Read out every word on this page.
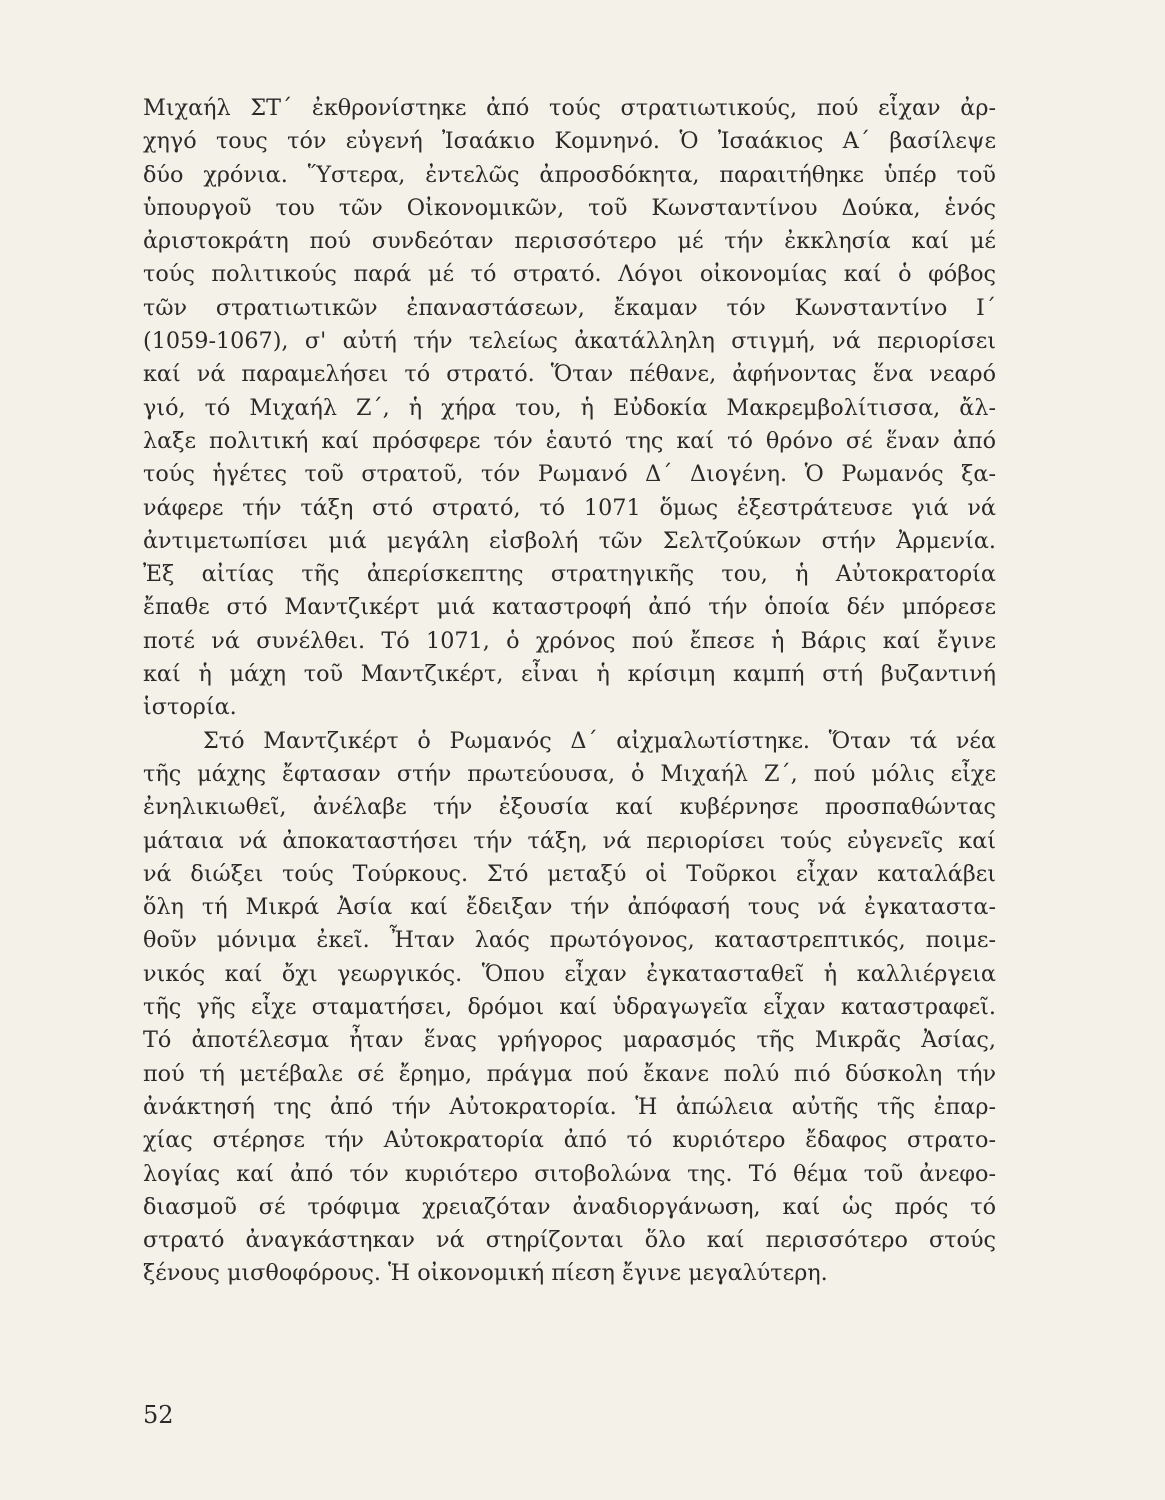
Μιχαήλ ΣΤ΄ ἐκθρονίστηκε ἀπό τούς στρατιωτικούς, πού εἶχαν ἀρ-
χηγό τους τόν εὐγενή Ἰσαάκιο Κομνηνό. Ὁ Ἰσαάκιος Α΄ βασίλεψε
δύο χρόνια. Ὕστερα, ἐντελῶς ἀπροσδόκητα, παραιτήθηκε ὑπέρ τοῦ
ὑπουργοῦ του τῶν Οἰκονομικῶν, τοῦ Κωνσταντίνου Δούκα, ἑνός
ἀριστοκράτη πού συνδεόταν περισσότερο μέ τήν ἐκκλησία καί μέ
τούς πολιτικούς παρά μέ τό στρατό. Λόγοι οἰκονομίας καί ὁ φόβος
τῶν στρατιωτικῶν ἐπαναστάσεων, ἔκαμαν τόν Κωνσταντίνο Ι΄
(1059-1067), σ' αὐτή τήν τελείως ἀκατάλληλη στιγμή, νά περιορίσει
καί νά παραμελήσει τό στρατό. Ὅταν πέθανε, ἀφήνοντας ἕνα νεαρό
γιό, τό Μιχαήλ Ζ΄, ἡ χήρα του, ἡ Εὐδοκία Μακρεμβολίτισσα, ἄλ-
λαξε πολιτική καί πρόσφερε τόν ἑαυτό της καί τό θρόνο σέ ἕναν ἀπό
τούς ἡγέτες τοῦ στρατοῦ, τόν Ρωμανό Δ΄ Διογένη. Ὁ Ρωμανός ξα-
νάφερε τήν τάξη στό στρατό, τό 1071 ὅμως ἐξεστράτευσε γιά νά
ἀντιμετωπίσει μιά μεγάλη εἰσβολή τῶν Σελτζούκων στήν Ἀρμενία.
Ἐξ αἰτίας τῆς ἀπερίσκεπτης στρατηγικῆς του, ἡ Αὐτοκρατορία
ἔπαθε στό Μαντζικέρτ μιά καταστροφή ἀπό τήν ὁποία δέν μπόρεσε
ποτέ νά συνέλθει. Τό 1071, ὁ χρόνος πού ἔπεσε ἡ Βάρις καί ἔγινε
καί ἡ μάχη τοῦ Μαντζικέρτ, εἶναι ἡ κρίσιμη καμπή στή βυζαντινή
ἱστορία.
Στό Μαντζικέρτ ὁ Ρωμανός Δ΄ αἰχμαλωτίστηκε. Ὅταν τά νέα
τῆς μάχης ἔφτασαν στήν πρωτεύουσα, ὁ Μιχαήλ Ζ΄, πού μόλις εἶχε
ἐνηλικιωθεῖ, ἀνέλαβε τήν ἐξουσία καί κυβέρνησε προσπαθώντας
μάταια νά ἀποκαταστήσει τήν τάξη, νά περιορίσει τούς εὐγενεῖς καί
νά διώξει τούς Τούρκους. Στό μεταξύ οἱ Τοῦρκοι εἶχαν καταλάβει
ὅλη τή Μικρά Ἀσία καί ἔδειξαν τήν ἀπόφασή τους νά ἐγκαταστα-
θοῦν μόνιμα ἐκεῖ. Ἦταν λαός πρωτόγονος, καταστρεπτικός, ποιμε-
νικός καί ὄχι γεωργικός. Ὅπου εἶχαν ἐγκατασταθεῖ ἡ καλλιέργεια
τῆς γῆς εἶχε σταματήσει, δρόμοι καί ὑδραγωγεῖα εἶχαν καταστραφεῖ.
Τό ἀποτέλεσμα ἦταν ἕνας γρήγορος μαρασμός τῆς Μικρᾶς Ἀσίας,
πού τή μετέβαλε σέ ἔρημο, πράγμα πού ἔκανε πολύ πιό δύσκολη τήν
ἀνάκτησή της ἀπό τήν Αὐτοκρατορία. Ἡ ἀπώλεια αὐτῆς τῆς ἐπαρ-
χίας στέρησε τήν Αὐτοκρατορία ἀπό τό κυριότερο ἔδαφος στρατο-
λογίας καί ἀπό τόν κυριότερο σιτοβολώνα της. Τό θέμα τοῦ ἀνεφο-
διασμοῦ σέ τρόφιμα χρειαζόταν ἀναδιοργάνωση, καί ὡς πρός τό
στρατό ἀναγκάστηκαν νά στηρίζονται ὅλο καί περισσότερο στούς
ξένους μισθοφόρους. Ἡ οἰκονομική πίεση ἔγινε μεγαλύτερη.
52
